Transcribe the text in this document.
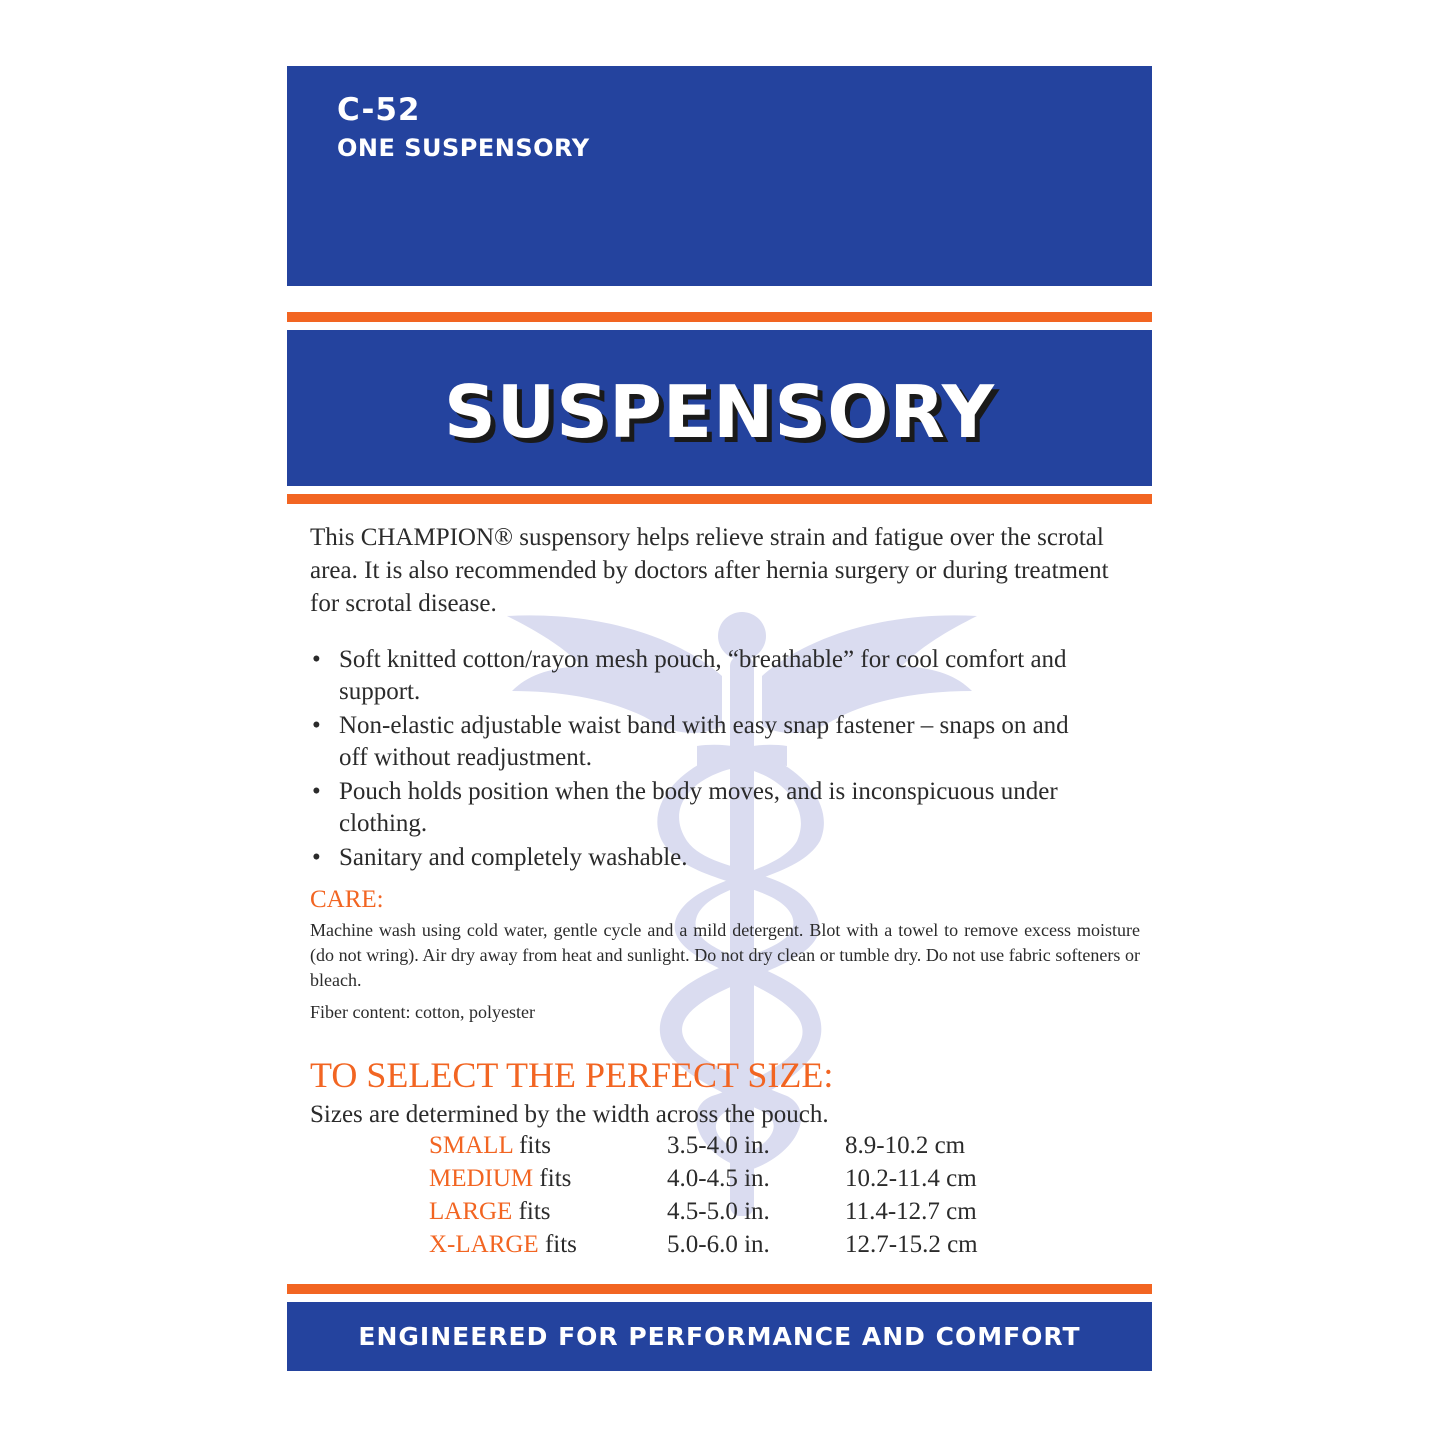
C-52
ONE SUSPENSORY
SUSPENSORY
This CHAMPION® suspensory helps relieve strain and fatigue over the scrotal area. It is also recommended by doctors after hernia surgery or during treatment for scrotal disease.
• Soft knitted cotton/rayon mesh pouch, “breathable” for cool comfort and support.
• Non-elastic adjustable waist band with easy snap fastener – snaps on and off without readjustment.
• Pouch holds position when the body moves, and is inconspicuous under clothing.
• Sanitary and completely washable.
CARE:
Machine wash using cold water, gentle cycle and a mild detergent. Blot with a towel to remove excess moisture (do not wring). Air dry away from heat and sunlight. Do not dry clean or tumble dry. Do not use fabric softeners or bleach.
Fiber content: cotton, polyester
TO SELECT THE PERFECT SIZE:
Sizes are determined by the width across the pouch.
SMALL fits	3.5-4.0 in.	8.9-10.2 cm
MEDIUM fits	4.0-4.5 in.	10.2-11.4 cm
LARGE fits	4.5-5.0 in.	11.4-12.7 cm
X-LARGE fits	5.0-6.0 in.	12.7-15.2 cm
ENGINEERED FOR PERFORMANCE AND COMFORT
